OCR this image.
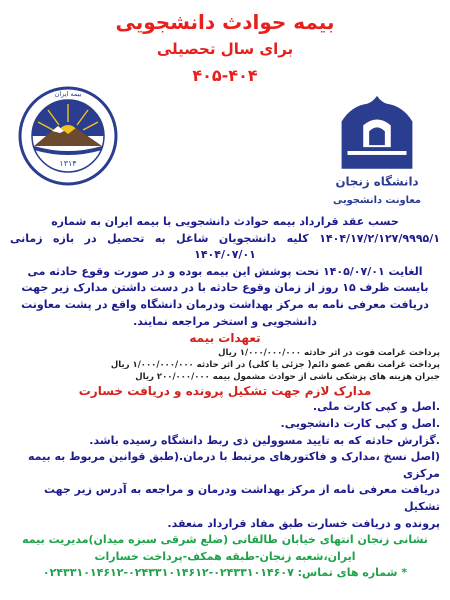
بیمه حوادث دانشجویی
برای سال تحصیلی
۴۰۵-۴۰۴
۱۳۱۴
بیمه ایران
دانشگاه زنجان
معاونت دانشجویی

حسب عقد قرارداد بیمه حوادث دانشجویی با بیمه ایران به شماره

۱۴۰۴/۱۷/۲/۱۲۷/۹۹۹۵/۱ کلیه دانشجویان شاغل به تحصیل در بازه زمانی ۱۴۰۴/۰۷/۰۱

الغایت ۱۴۰۵/۰۷/۰۱ تحت پوشش این بیمه بوده و در صورت وقوع حادثه می

بایست ظرف ۱۵ روز از زمان وقوع حادثه با در دست داشتن مدارک زیر جهت

دریافت معرفی نامه به مرکز بهداشت ودرمان دانشگاه واقع در پشت معاونت

دانشجویی و استخر مراجعه نمایند.

تعهدات بیمه

پرداخت غرامت فوت در اثر حادثه ۱/۰۰۰/۰۰۰/۰۰۰ ریال

پرداخت غرامت نقص عضو دائم( جزئی یا کلی) در اثر حادثه ۱/۰۰۰/۰۰۰/۰۰۰ ریال

جبران هزینه های پزشکی ناشی از حوادث مشمول بیمه ۲۰۰/۰۰۰/۰۰۰ ریال

مدارک لازم جهت تشکیل پرونده و دریافت خسارت

.اصل و کپی کارت ملی.

.اصل و کپی کارت دانشجویی.

.گزارش حادثه که به تایید مسوولین ذی ربط دانشگاه رسیده باشد.

(اصل نسخ ،مدارک و فاکتورهای مرتبط با درمان.(طبق قوانین مربوط به بیمه مرکزی

دریافت معرفی نامه از مرکز بهداشت ودرمان و مراجعه به آدرس زیر جهت تشکیل

پرونده و دریافت خسارت طبق مفاد قرارداد منعقد.

نشانی زنجان انتهای خیابان طالقانی (ضلع شرقی سبزه میدان)مدیریت بیمه

ایران،شعبه زنجان-طبقه همکف-پرداخت خسارات

* شماره های تماس: ۰۲۴۳۳۱۰۱۴۶۰۷-۰۲۴۳۳۱۰۱۴۶۱۲-۰۲۴۳۳۱۰۱۴۶۱۲
